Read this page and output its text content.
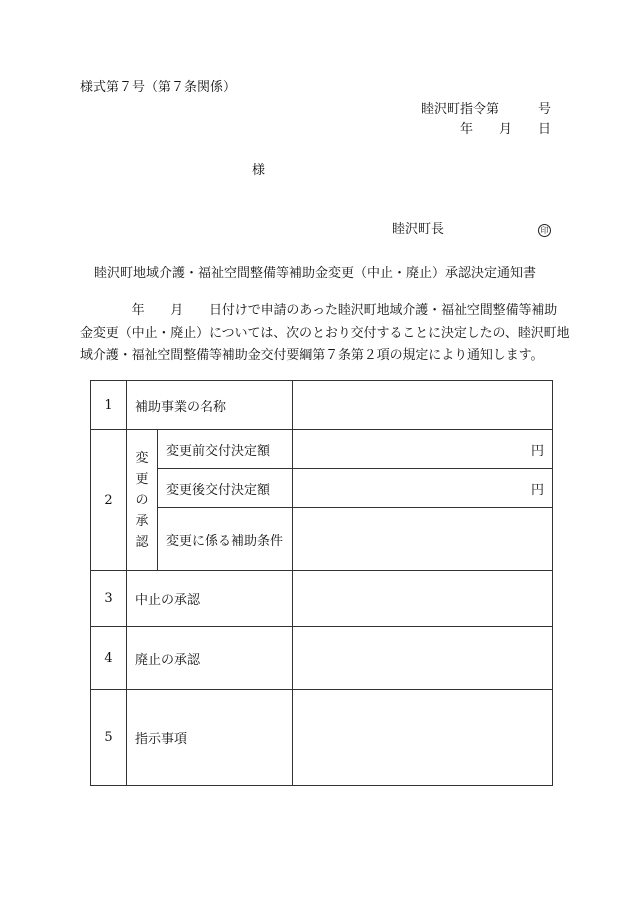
様式第７号（第７条関係）
睦沢町指令第　　　号
年　　月　　日
様
睦沢町長	印
睦沢町地域介護・福祉空間整備等補助金変更（中止・廃止）承認決定通知書
　　　　年　　月　　日付けで申請のあった睦沢町地域介護・福祉空間整備等補助
金変更（中止・廃止）については、次のとおり交付することに決定したの、睦沢町地
域介護・福祉空間整備等補助金交付要綱第７条第２項の規定により通知します。
1	補助事業の名称		
2	変
更
の
承
認	変更前交付決定額	円
		変更後交付決定額	円
		変更に係る補助条件	
3	中止の承認		
4	廃止の承認		
5	指示事項		
